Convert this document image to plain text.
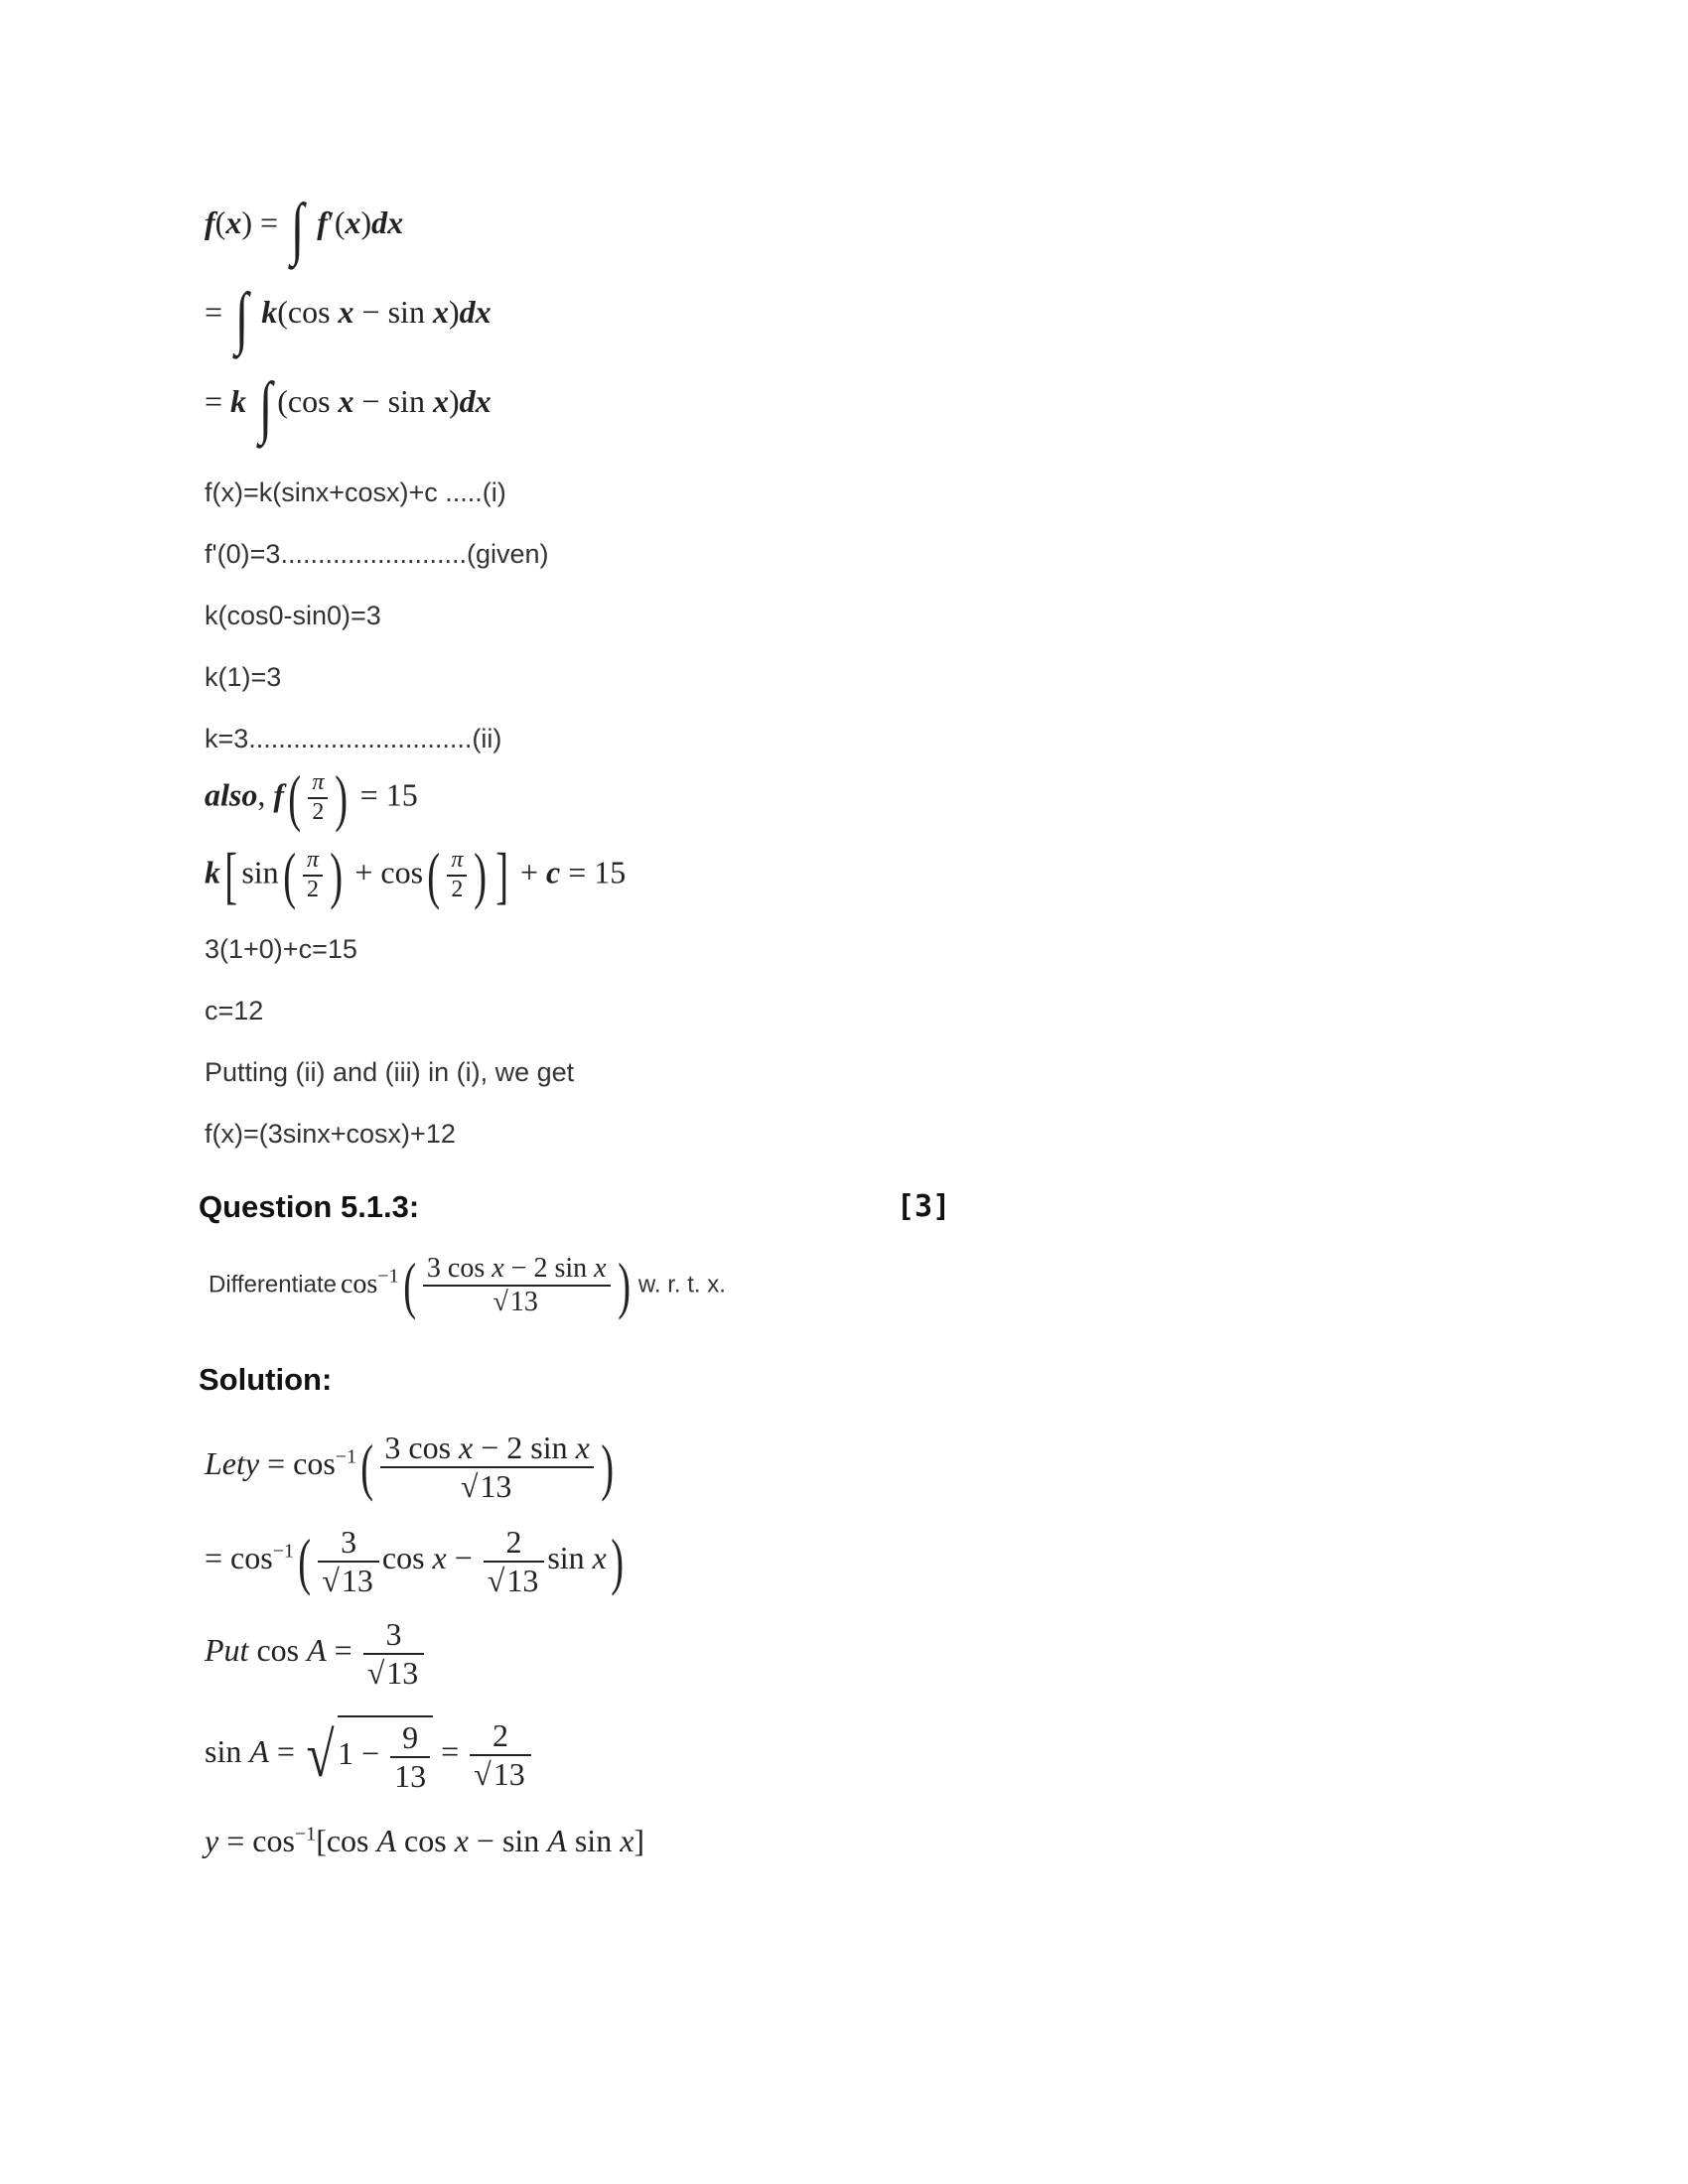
f(x) = ∫ f′(x)dx
= ∫ k(cos x − sin x)dx
= k ∫ (cos x − sin x)dx
f(x)=k(sinx+cosx)+c .....(i)
f'(0)=3.........................(given)
k(cos0-sin0)=3
k(1)=3
k=3..............................(ii)
also, $f( \frac{\pi}{2}$ ) = 15
k[ $\sin( \frac{\pi}{2}$ ) + $\cos( \frac{\pi}{2}$ ) ] + c = 15
3(1+0)+c=15
c=12
Putting (ii) and (iii) in (i), we get
f(x)=(3sinx+cosx)+12
Question 5.1.3:	[3]
Differentiate $\cos^{-1}( \frac{\text{3 cos x − 2 sin x}}{√13}$ ) w. r. t. x.
Solution:
Lety = $\cos^{-1}( \frac{\text{3 cos x − 2 sin x}}{√13}$ )
= $\cos^{-1}( \frac{3}{√13}$ $\cos x - \frac{2}{√13}$ sin x)
Put $\cos A = \frac{3}{√13}$
sin A = √ $1 - \frac{9}{13} = \frac{2}{√13}$
$y = \cos^{-1}[\cos$ A cos x − sin A sin x]
